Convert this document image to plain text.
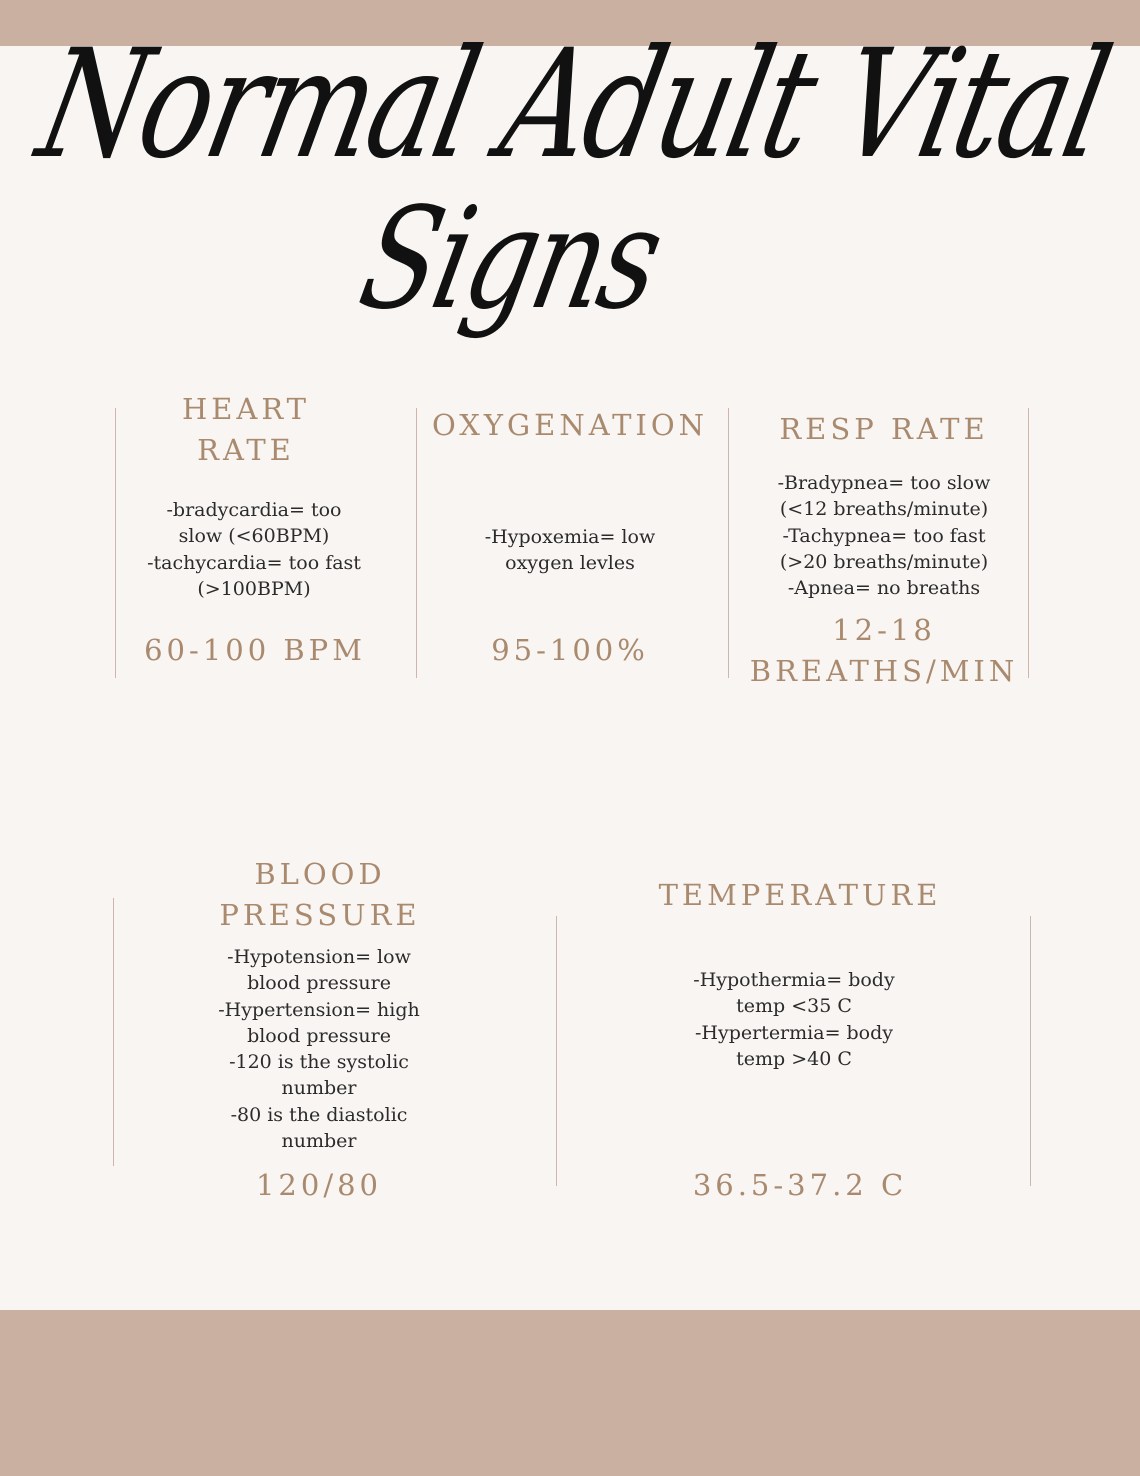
Normal Adult Vital
Signs
HEART
RATE
-bradycardia= too
slow (<60BPM)
-tachycardia= too fast
(>100BPM)
60-100 BPM
OXYGENATION
-Hypoxemia= low
oxygen levles
95-100%
RESP RATE
-Bradypnea= too slow
(<12 breaths/minute)
-Tachypnea= too fast
(>20 breaths/minute)
-Apnea= no breaths
12-18
BREATHS/MIN
BLOOD
PRESSURE
-Hypotension= low
blood pressure
-Hypertension= high
blood pressure
-120 is the systolic
number
-80 is the diastolic
number
120/80
TEMPERATURE
-Hypothermia= body
temp <35 C
-Hypertermia= body
temp >40 C
36.5-37.2 C
